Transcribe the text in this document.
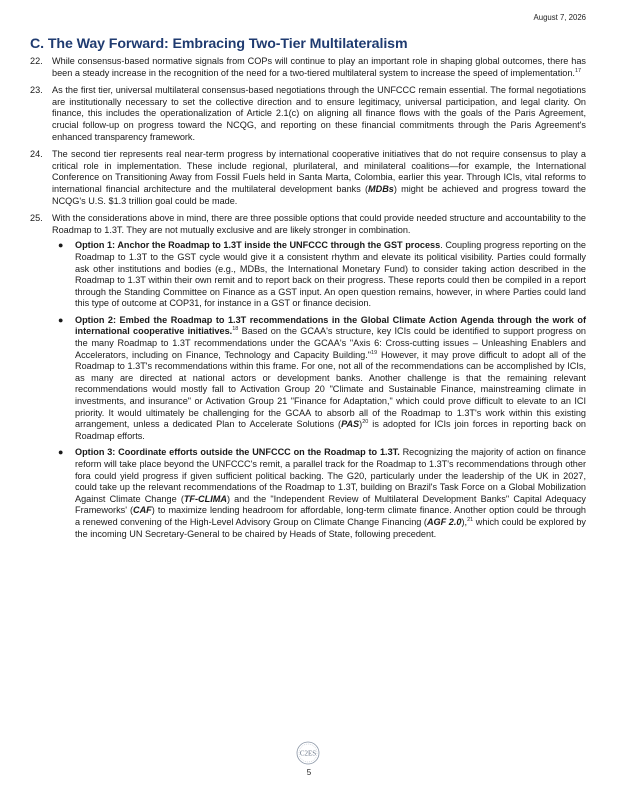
August 7, 2026
C. The Way Forward: Embracing Two-Tier Multilateralism
22.	While consensus-based normative signals from COPs will continue to play an important role in shaping global outcomes, there has been a steady increase in the recognition of the need for a two-tiered multilateral system to increase the speed of implementation.$^{17}$
23.	As the first tier, universal multilateral consensus-based negotiations through the UNFCCC remain essential. The formal negotiations are institutionally necessary to set the collective direction and to ensure legitimacy, universal participation, and legal clarity. On finance, this includes the operationalization of Article 2.1(c) on aligning all finance flows with the goals of the Paris Agreement, crucial follow-up on progress toward the NCQG, and reporting on these financial commitments through the Paris Agreement's enhanced transparency framework.
24.	The second tier represents real near-term progress by international cooperative initiatives that do not require consensus to play a critical role in implementation. These include regional, plurilateral, and minilateral coalitions—for example, the International Conference on Transitioning Away from Fossil Fuels held in Santa Marta, Colombia, earlier this year. Through ICIs, vital reforms to international financial architecture and the multilateral development banks (MDBs) might be achieved and progress toward the NCQG's U.S. $1.3 trillion goal could be made.
25.	With the considerations above in mind, there are three possible options that could provide needed structure and accountability to the Roadmap to 1.3T. They are not mutually exclusive and are likely stronger in combination.
●	Option 1: Anchor the Roadmap to 1.3T inside the UNFCCC through the GST process. Coupling progress reporting on the Roadmap to 1.3T to the GST cycle would give it a consistent rhythm and elevate its political visibility. Parties could formally ask other institutions and bodies (e.g., MDBs, the International Monetary Fund) to consider taking action described in the Roadmap to 1.3T within their own remit and to report back on their progress. These reports could then be compiled in a report through the Standing Committee on Finance as a GST input. An open question remains, however, in where Parties could land this type of outcome at COP31, for instance in a GST or finance decision.
●	Option 2: Embed the Roadmap to 1.3T recommendations in the Global Climate Action Agenda through the work of international cooperative initiatives.$^{18}$ Based on the GCAA's structure, key ICIs could be identified to support progress on the many Roadmap to 1.3T recommendations under the GCAA's "Axis 6: Cross-cutting issues – Unleashing Enablers and Accelerators, including on Finance, Technology and Capacity Building."$^{19}$ However, it may prove difficult to adopt all of the Roadmap to 1.3T's recommendations within this frame. For one, not all of the recommendations can be accomplished by ICIs, as many are directed at national actors or development banks. Another challenge is that the remaining relevant recommendations would mostly fall to Activation Group 20 "Climate and Sustainable Finance, mainstreaming climate in investments, and insurance" or Activation Group 21 "Finance for Adaptation," which could prove difficult to elevate to an ICI priority. It would ultimately be challenging for the GCAA to absorb all of the Roadmap to 1.3T's work within this existing arrangement, unless a dedicated Plan to Accelerate Solutions (PAS)$^{20}$ is adopted for ICIs join forces in reporting back on Roadmap efforts.
●	Option 3: Coordinate efforts outside the UNFCCC on the Roadmap to 1.3T. Recognizing the majority of action on finance reform will take place beyond the UNFCCC's remit, a parallel track for the Roadmap to 1.3T's recommendations through other fora could yield progress if given sufficient political backing. The G20, particularly under the leadership of the UK in 2027, could take up the relevant recommendations of the Roadmap to 1.3T, building on Brazil's Task Force on a Global Mobilization Against Climate Change (TF-CLIMA) and the "Independent Review of Multilateral Development Banks" Capital Adequacy Frameworks' (CAF) to maximize lending headroom for affordable, long-term climate finance. Another option could be through a renewed convening of the High-Level Advisory Group on Climate Change Financing (AGF 2.0),$^{21}$ which could be explored by the incoming UN Secretary-General to be chaired by Heads of State, following precedent.
C2ES
5
